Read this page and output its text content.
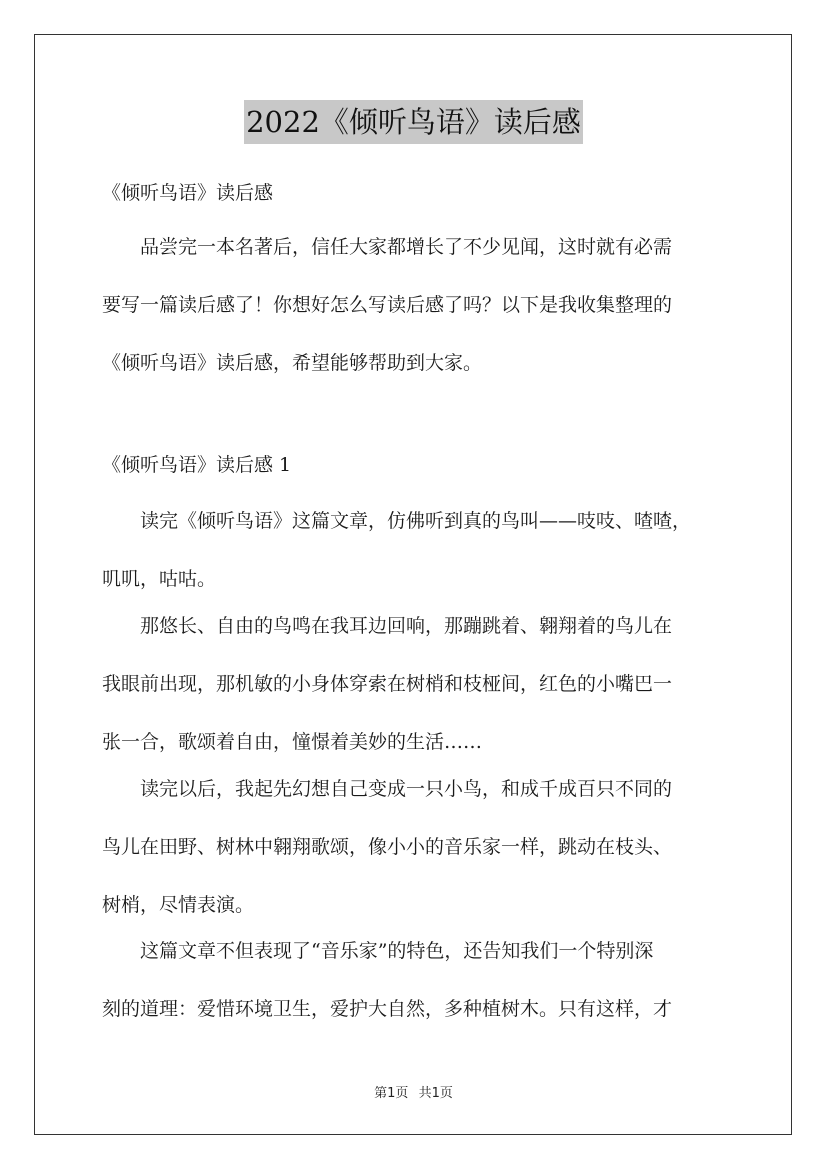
2022《倾听鸟语》读后感
《倾听鸟语》读后感
　　品尝完一本名著后，信任大家都增长了不少见闻，这时就有必需
要写一篇读后感了！你想好怎么写读后感了吗？以下是我收集整理的
《倾听鸟语》读后感，希望能够帮助到大家。
《倾听鸟语》读后感 1
　　读完《倾听鸟语》这篇文章，仿佛听到真的鸟叫——吱吱、喳喳，
叽叽，咕咕。
　　那悠长、自由的鸟鸣在我耳边回响，那蹦跳着、翱翔着的鸟儿在
我眼前出现，那机敏的小身体穿索在树梢和枝桠间，红色的小嘴巴一
张一合，歌颂着自由，憧憬着美妙的生活……
　　读完以后，我起先幻想自己变成一只小鸟，和成千成百只不同的
鸟儿在田野、树林中翱翔歌颂，像小小的音乐家一样，跳动在枝头、
树梢，尽情表演。
　　这篇文章不但表现了“音乐家”的特色，还告知我们一个特别深
刻的道理：爱惜环境卫生，爱护大自然，多种植树木。只有这样，才
第1页 共1页
